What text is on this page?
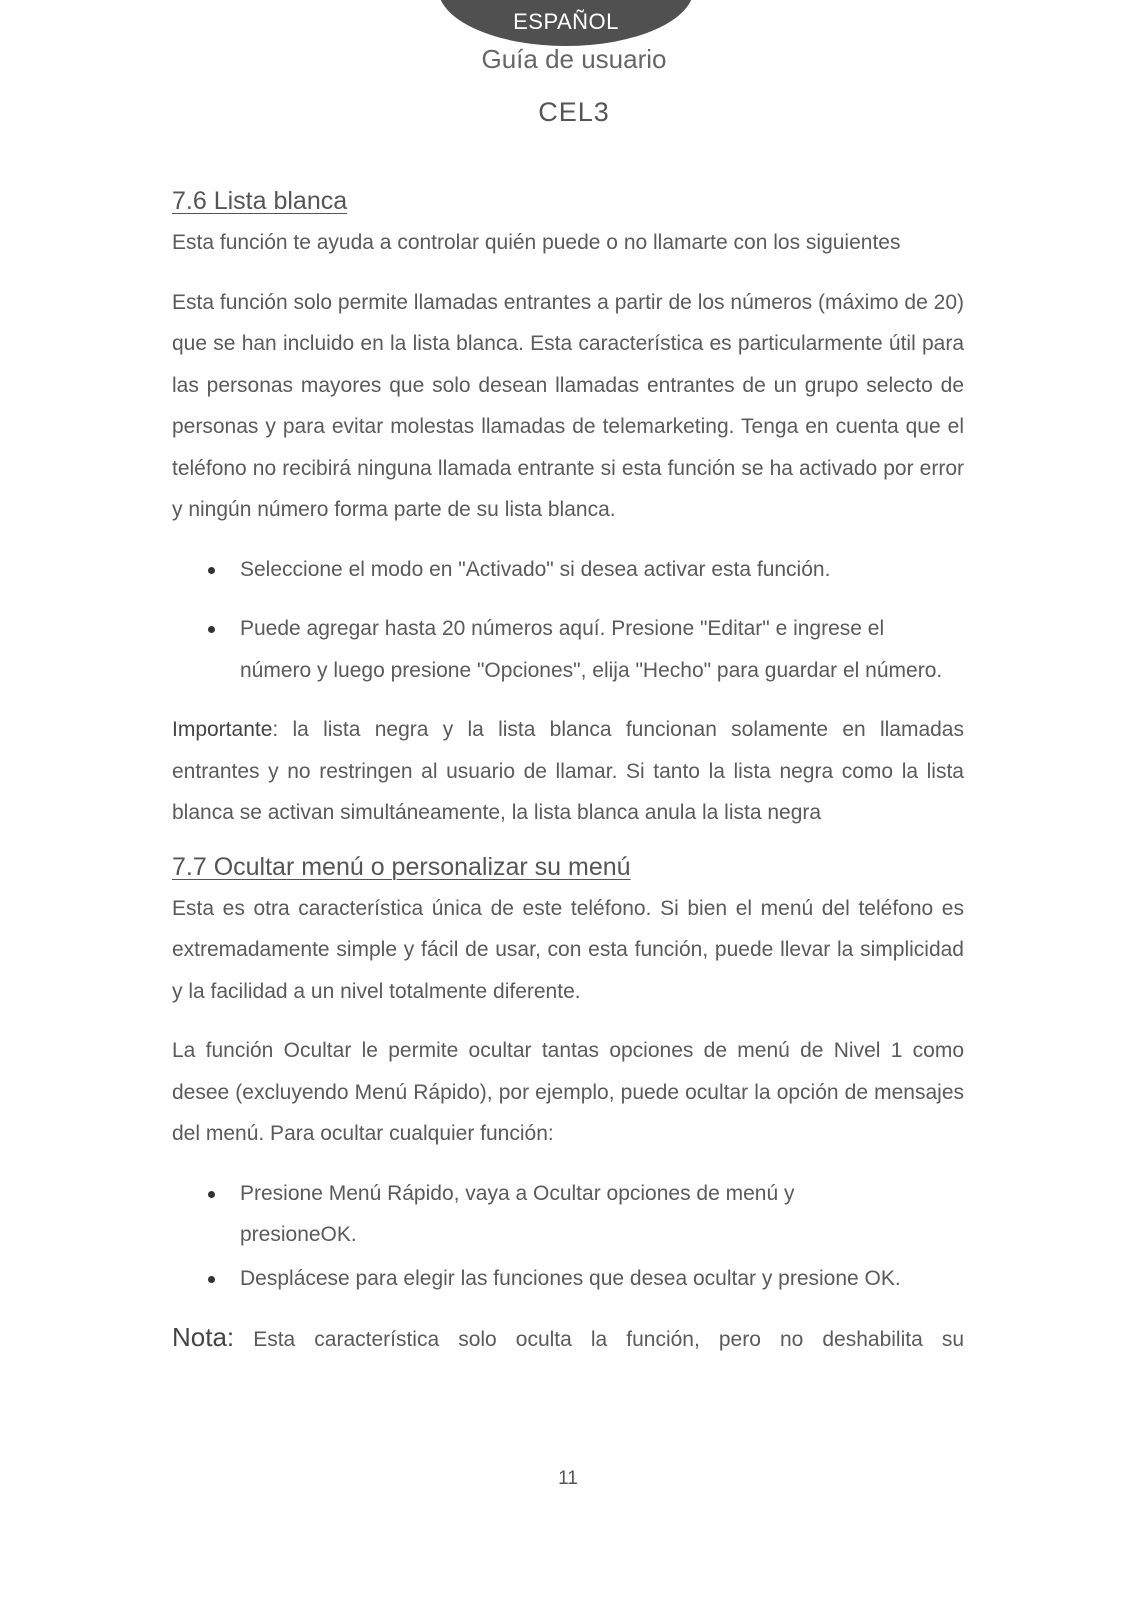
ESPAÑOL
Guía de usuario
CEL3
7.6 Lista blanca

Esta función te ayuda a controlar quién puede o no llamarte con los siguientes

Esta función solo permite llamadas entrantes a partir de los números (máximo de 20) que se han incluido en la lista blanca. Esta característica es particularmente útil para las personas mayores que solo desean llamadas entrantes de un grupo selecto de personas y para evitar molestas llamadas de telemarketing. Tenga en cuenta que el teléfono no recibirá ninguna llamada entrante si esta función se ha activado por error y ningún número forma parte de su lista blanca.

Seleccione el modo en "Activado" si desea activar esta función.
Puede agregar hasta 20 números aquí. Presione "Editar" e ingrese el número y luego presione "Opciones", elija "Hecho" para guardar el número.

Importante: la lista negra y la lista blanca funcionan solamente en llamadas entrantes y no restringen al usuario de llamar. Si tanto la lista negra como la lista blanca se activan simultáneamente, la lista blanca anula la lista negra

7.7 Ocultar menú o personalizar su menú

Esta es otra característica única de este teléfono. Si bien el menú del teléfono es extremadamente simple y fácil de usar, con esta función, puede llevar la simplicidad y la facilidad a un nivel totalmente diferente.

La función Ocultar le permite ocultar tantas opciones de menú de Nivel 1 como desee (excluyendo Menú Rápido), por ejemplo, puede ocultar la opción de mensajes del menú. Para ocultar cualquier función:

Presione Menú Rápido, vaya a Ocultar opciones de menú y presioneOK.
Desplácese para elegir las funciones que desea ocultar y presione OK.

Nota: Esta característica solo oculta la función, pero no deshabilita su

11
